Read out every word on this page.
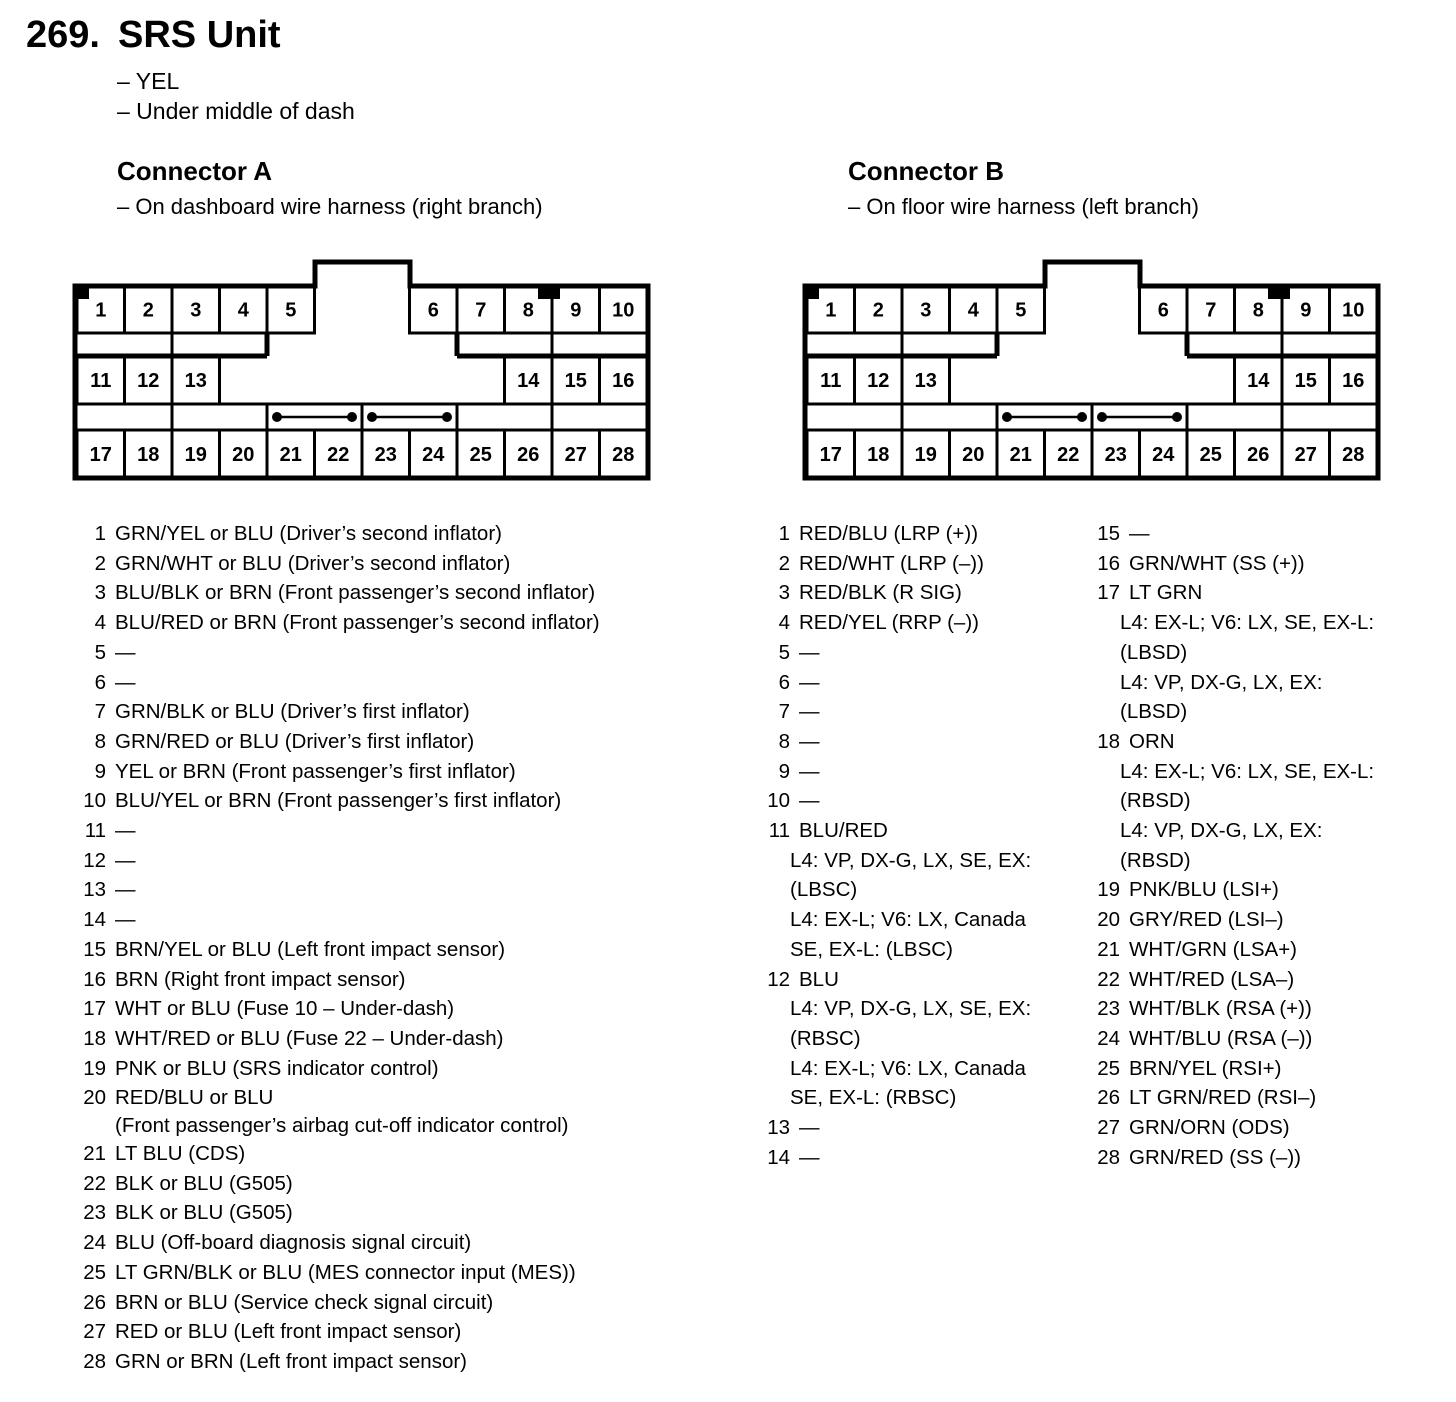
269. SRS Unit
– YEL
– Under middle of dash
Connector A
– On dashboard wire harness (right branch)
Connector B
– On floor wire harness (left branch)
1 2 3 4 5	6 7 8 9 10
11 12 13	14 15 16
17 18 19 20 21 22 23 24 25 26 27 28
1 2 3 4 5	6 7 8 9 10
11 12 13	14 15 16
17 18 19 20 21 22 23 24 25 26 27 28
1 GRN/YEL or BLU (Driver’s second inflator)
2 GRN/WHT or BLU (Driver’s second inflator)
3 BLU/BLK or BRN (Front passenger’s second inflator)
4 BLU/RED or BRN (Front passenger’s second inflator)
5 —
6 —
7 GRN/BLK or BLU (Driver’s first inflator)
8 GRN/RED or BLU (Driver’s first inflator)
9 YEL or BRN (Front passenger’s first inflator)
10 BLU/YEL or BRN (Front passenger’s first inflator)
11 —
12 —
13 —
14 —
15 BRN/YEL or BLU (Left front impact sensor)
16 BRN (Right front impact sensor)
17 WHT or BLU (Fuse 10 – Under-dash)
18 WHT/RED or BLU (Fuse 22 – Under-dash)
19 PNK or BLU (SRS indicator control)
20 RED/BLU or BLU
(Front passenger’s airbag cut-off indicator control)
21 LT BLU (CDS)
22 BLK or BLU (G505)
23 BLK or BLU (G505)
24 BLU (Off-board diagnosis signal circuit)
25 LT GRN/BLK or BLU (MES connector input (MES))
26 BRN or BLU (Service check signal circuit)
27 RED or BLU (Left front impact sensor)
28 GRN or BRN (Left front impact sensor)
1 RED/BLU (LRP (+))
2 RED/WHT (LRP (–))
3 RED/BLK (R SIG)
4 RED/YEL (RRP (–))
5 —
6 —
7 —
8 —
9 —
10 —
11 BLU/RED
L4: VP, DX-G, LX, SE, EX:
(LBSC)
L4: EX-L; V6: LX, Canada
SE, EX-L: (LBSC)
12 BLU
L4: VP, DX-G, LX, SE, EX:
(RBSC)
L4: EX-L; V6: LX, Canada
SE, EX-L: (RBSC)
13 —
14 —
15 —
16 GRN/WHT (SS (+))
17 LT GRN
L4: EX-L; V6: LX, SE, EX-L:
(LBSD)
L4: VP, DX-G, LX, EX:
(LBSD)
18 ORN
L4: EX-L; V6: LX, SE, EX-L:
(RBSD)
L4: VP, DX-G, LX, EX:
(RBSD)
19 PNK/BLU (LSI+)
20 GRY/RED (LSI–)
21 WHT/GRN (LSA+)
22 WHT/RED (LSA–)
23 WHT/BLK (RSA (+))
24 WHT/BLU (RSA (–))
25 BRN/YEL (RSI+)
26 LT GRN/RED (RSI–)
27 GRN/ORN (ODS)
28 GRN/RED (SS (–))
